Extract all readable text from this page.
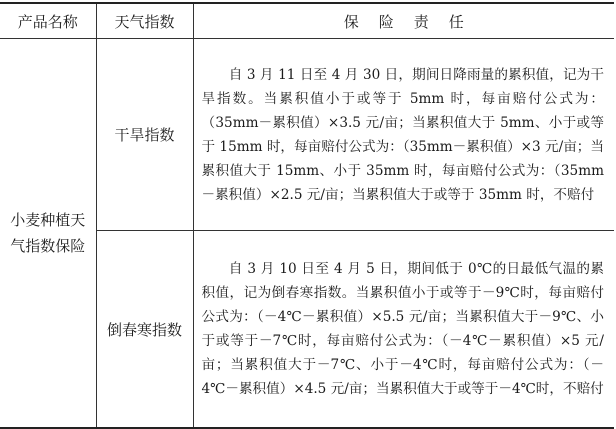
产品名称	天气指数	保险责任
小麦种植天气指数保险	干旱指数	自 3 月 11 日至 4 月 30 日，期间日降雨量的累积值，记为干旱指数。当累积值小于或等于 5mm 时，每亩赔付公式为：（35mm－累积值）×3.5 元/亩；当累积值大于 5mm、小于或等于 15mm 时，每亩赔付公式为：（35mm－累积值）×3 元/亩；当累积值大于 15mm、小于 35mm 时，每亩赔付公式为：（35mm－累积值）×2.5 元/亩；当累积值大于或等于 35mm 时，不赔付

	倒春寒指数	自 3 月 10 日至 4 月 5 日，期间低于 0℃的日最低气温的累积值，记为倒春寒指数。当累积值小于或等于－9℃时，每亩赔付公式为：（－4℃－累积值）×5.5 元/亩；当累积值大于－9℃、小于或等于－7℃时，每亩赔付公式为：（－4℃－累积值）×5 元/亩；当累积值大于－7℃、小于－4℃时，每亩赔付公式为：（－4℃－累积值）×4.5 元/亩；当累积值大于或等于－4℃时，不赔付
